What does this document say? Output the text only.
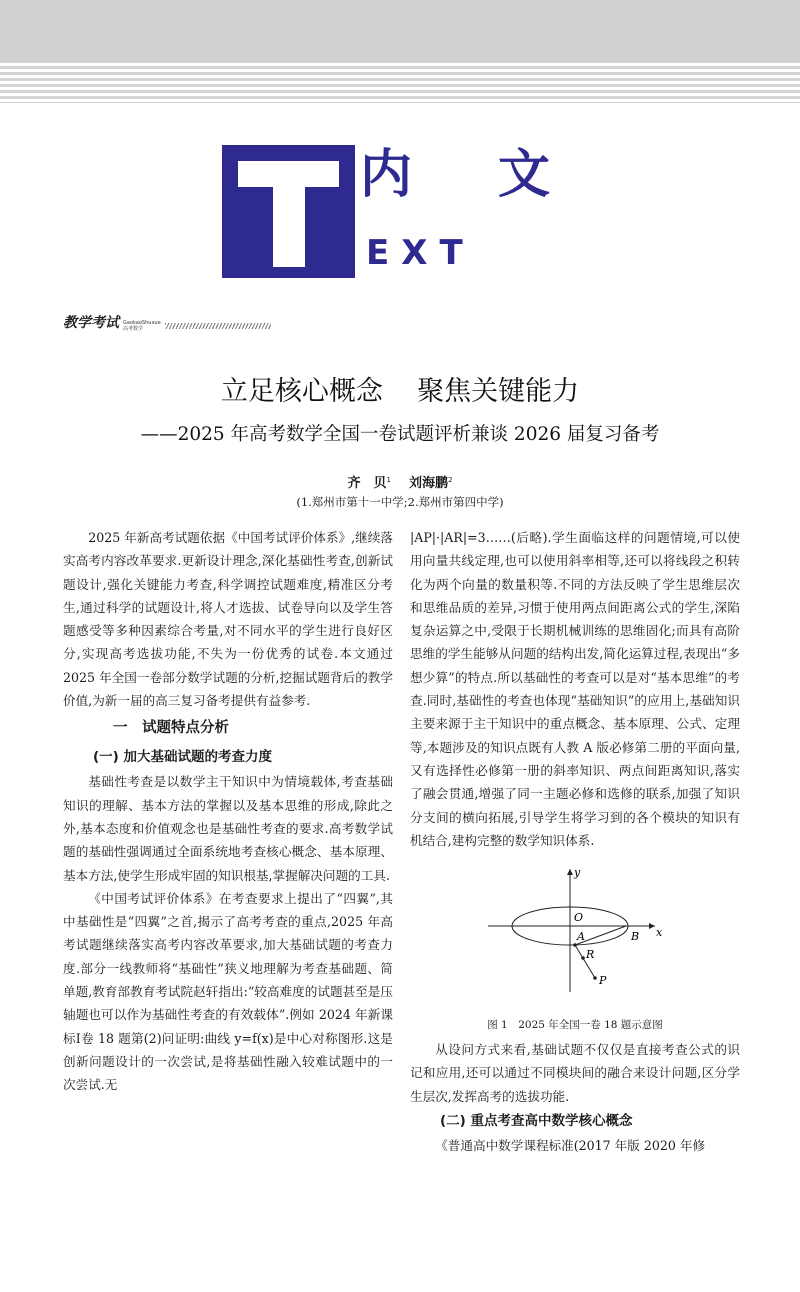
内文
EXT
教学考试 GaokaoShuxue
高考数学
立足核心概念    聚焦关键能力
——2025 年高考数学全国一卷试题评析兼谈 2026 届复习备考
齐　贝$^1$ 刘海鹏$^2$
(1.郑州市第十一中学;2.郑州市第四中学)

2025 年新高考试题依据《中国考试评价体系》,继续落实高考内容改革要求.更新设计理念,深化基础性考查,创新试题设计,强化关键能力考查,科学调控试题难度,精准区分考生,通过科学的试题设计,将人才选拔、试卷导向以及学生答题感受等多种因素综合考量,对不同水平的学生进行良好区分,实现高考选拔功能,不失为一份优秀的试卷.本文通过 2025 年全国一卷部分数学试题的分析,挖掘试题背后的教学价值,为新一届的高三复习备考提供有益参考.

一　试题特点分析
(一) 加大基础试题的考查力度

基础性考查是以数学主干知识中为情境载体,考查基础知识的理解、基本方法的掌握以及基本思维的形成,除此之外,基本态度和价值观念也是基础性考查的要求.高考数学试题的基础性强调通过全面系统地考查核心概念、基本原理、基本方法,使学生形成牢固的知识根基,掌握解决问题的工具.

《中国考试评价体系》在考查要求上提出了“四翼”,其中基础性是“四翼”之首,揭示了高考考查的重点,2025 年高考试题继续落实高考内容改革要求,加大基础试题的考查力度.部分一线教师将“基础性”狭义地理解为考查基础题、简单题,教育部教育考试院赵轩指出:“较高难度的试题甚至是压轴题也可以作为基础性考查的有效载体”.例如 2024 年新课标Ⅰ卷 18 题第(2)问证明:曲线 y=f(x)是中心对称图形.这是创新问题设计的一次尝试,是将基础性融入较难试题中的一次尝试.无

|AP|·|AR|=3……(后略).学生面临这样的问题情境,可以使用向量共线定理,也可以使用斜率相等,还可以将线段之积转化为两个向量的数量积等.不同的方法反映了学生思维层次和思维品质的差异,习惯于使用两点间距离公式的学生,深陷复杂运算之中,受限于长期机械训练的思维固化;而具有高阶思维的学生能够从问题的结构出发,简化运算过程,表现出“多想少算”的特点.所以基础性的考查可以是对“基本思维”的考查.同时,基础性的考查也体现“基础知识”的应用上,基础知识主要来源于主干知识中的重点概念、基本原理、公式、定理等,本题涉及的知识点既有人教 A 版必修第二册的平面向量,又有选择性必修第一册的斜率知识、两点间距离知识,落实了融会贯通,增强了同一主题必修和选修的联系,加强了知识分支间的横向拓展,引导学生将学习到的各个模块的知识有机结合,建构完整的数学知识体系.

y
x
O
A	B
R
P
图 1　2025 年全国一卷 18 题示意图

从设问方式来看,基础试题不仅仅是直接考查公式的识记和应用,还可以通过不同模块间的融合来设计问题,区分学生层次,发挥高考的选拔功能.

(二) 重点考查高中数学核心概念

《普通高中数学课程标准(2017 年版 2020 年修
